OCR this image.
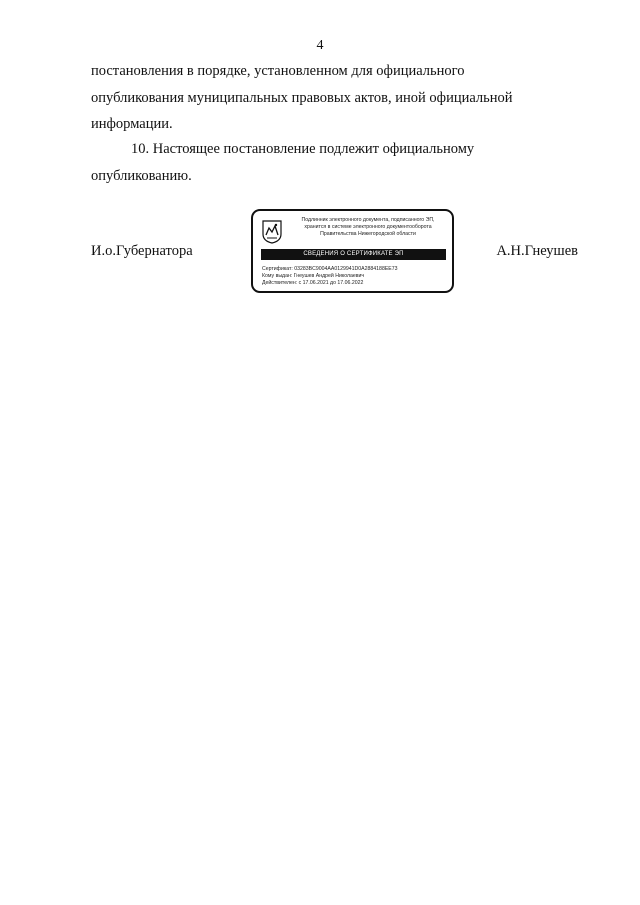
4
постановления в порядке, установленном для официального
опубликования муниципальных правовых актов, иной официальной
информации.
10. Настоящее постановление подлежит официальному
опубликованию.
И.о.Губернатора	А.Н.Гнеушев
Подлинник электронного документа, подписанного ЭП,
хранится в системе электронного документооборота
Правительства Нижегородской области
СВЕДЕНИЯ О СЕРТИФИКАТЕ ЭП
Сертификат: 03283BC9004AA0129941D0A2884188EE73
Кому выдан: Гнеушев Андрей Николаевич
Действителен: с 17.06.2021 до 17.06.2022
